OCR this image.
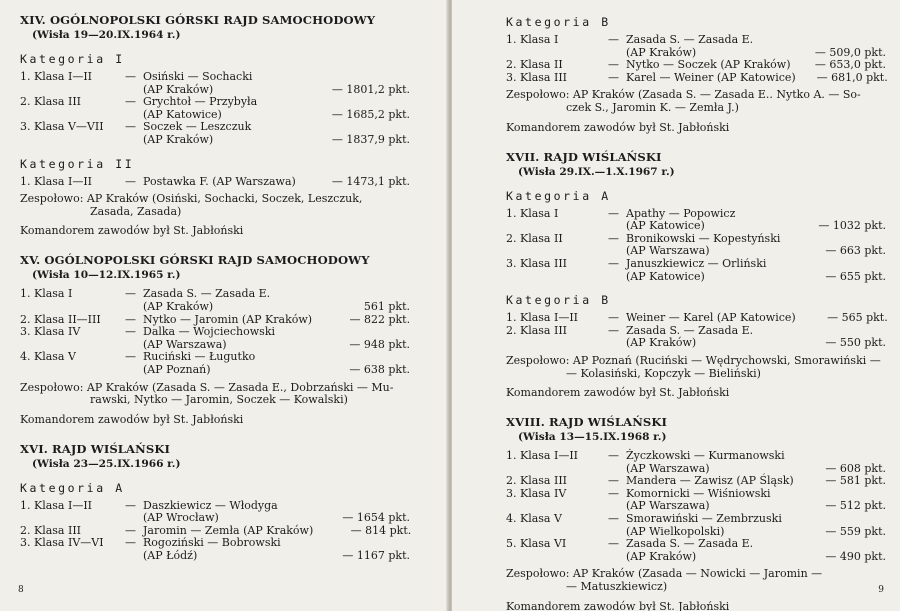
XIV. OGÓLNOPOLSKI GÓRSKI RAJD SAMOCHODOWY
(Wisła 19—20.IX.1964 r.)
Kategoria I
1. Klasa I—II	— Osiński — Sochacki
(AP Kraków)	— 1801,2 pkt.
2. Klasa III	— Grychtoł — Przybyła
(AP Katowice)	— 1685,2 pkt.
3. Klasa V—VII	— Soczek — Leszczuk
(AP Kraków)	— 1837,9 pkt.
Kategoria II
1. Klasa I—II	— Postawka F. (AP Warszawa)	— 1473,1 pkt.
Zespołowo: AP Kraków (Osiński, Sochacki, Soczek, Leszczuk,
Zasada, Zasada)
Komandorem zawodów był St. Jabłoński
XV. OGÓLNOPOLSKI GÓRSKI RAJD SAMOCHODOWY
(Wisła 10—12.IX.1965 r.)
1. Klasa I	— Zasada S. — Zasada E.
(AP Kraków)	561 pkt.
2. Klasa II—III	— Nytko — Jaromin (AP Kraków)	— 822 pkt.
3. Klasa IV	— Dalka — Wojciechowski
(AP Warszawa)	— 948 pkt.
4. Klasa V	— Ruciński — Ługutko
(AP Poznań)	— 638 pkt.
Zespołowo: AP Kraków (Zasada S. — Zasada E., Dobrzański — Mu-
rawski, Nytko — Jaromin, Soczek — Kowalski)
Komandorem zawodów był St. Jabłoński
XVI. RAJD WIŚLAŃSKI
(Wisła 23—25.IX.1966 r.)
Kategoria A
1. Klasa I—II	— Daszkiewicz — Włodyga
(AP Wrocław)	— 1654 pkt.
2. Klasa III	— Jaromin — Zemła (AP Kraków)	— 814 pkt.
3. Klasa IV—VI	— Rogoziński — Bobrowski
(AP Łódź)	— 1167 pkt.
8
Kategoria B
1. Klasa I	— Zasada S. — Zasada E.
(AP Kraków)	— 509,0 pkt.
2. Klasa II	— Nytko — Soczek (AP Kraków)	— 653,0 pkt.
3. Klasa III	— Karel — Weiner (AP Katowice)	— 681,0 pkt.
Zespołowo: AP Kraków (Zasada S. — Zasada E.. Nytko A. — So-
czek S., Jaromin K. — Zemła J.)
Komandorem zawodów był St. Jabłoński
XVII. RAJD WIŚLAŃSKI
(Wisła 29.IX.—1.X.1967 r.)
Kategoria A
1. Klasa I	— Apathy — Popowicz
(AP Katowice)	— 1032 pkt.
2. Klasa II	— Bronikowski — Kopestyński
(AP Warszawa)	— 663 pkt.
3. Klasa III	— Januszkiewicz — Orliński
(AP Katowice)	— 655 pkt.
Kategoria B
1. Klasa I—II	— Weiner — Karel (AP Katowice)	— 565 pkt.
2. Klasa III	— Zasada S. — Zasada E.
(AP Kraków)	— 550 pkt.
Zespołowo: AP Poznań (Ruciński — Wędrychowski, Smorawiński —
— Kolasiński, Kopczyk — Bieliński)
Komandorem zawodów był St. Jabłoński
XVIII. RAJD WIŚLAŃSKI
(Wisła 13—15.IX.1968 r.)
1. Klasa I—II	— Życzkowski — Kurmanowski
(AP Warszawa)	— 608 pkt.
2. Klasa III	— Mandera — Zawisz (AP Śląsk)	— 581 pkt.
3. Klasa IV	— Komornicki — Wiśniowski
(AP Warszawa)	— 512 pkt.
4. Klasa V	— Smorawiński — Zembrzuski
(AP Wielkopolski)	— 559 pkt.
5. Klasa VI	— Zasada S. — Zasada E.
(AP Kraków)	— 490 pkt.
Zespołowo: AP Kraków (Zasada — Nowicki — Jaromin —
— Matuszkiewicz)
Komandorem zawodów był St. Jabłoński
9
